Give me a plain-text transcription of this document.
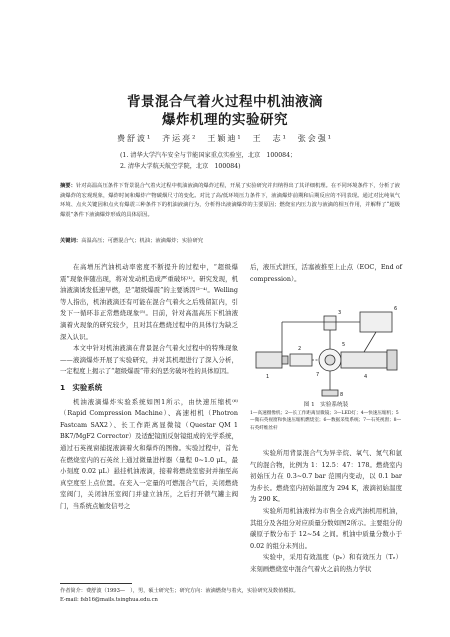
背景混合气着火过程中机油液滴
爆炸机理的实验研究
费舒波¹　齐运亮²　王颖迪¹　王　志¹　张会强¹
(1. 清华大学汽车安全与节能国家重点实验室，北京　100084；
2. 清华大学航天航空学院，北京　100084)
摘要：针对高温高压条件下背景混合气着火过程中机油液滴的爆炸过程，开展了实验研究并归纳得出了其详细机理。在不同环境条件下，分析了液滴爆炸的宏观现象，爆炸时间和爆炸产物碳烟尺寸的变化。对比了高/低环境压力条件下，液滴爆炸前期和后期反应的不同表现。通过对比纯氧气环境、点火关键因和点火有爆震三种条件下的机油液滴行为，分析得出液滴爆炸的主要原因；燃烧室内压力波与液滴的相互作用，并解释了“超级爆震”条件下液滴爆炸形成的具体原因。
关键词：高温高压；可燃混合气；机油；液滴爆炸；实验研究

在高增压汽油机动率密度不断提升的过程中，“超级爆震”现象伴随出现，将对发动机造成严重破坏⁽¹⁾。研究发现，机油液滴诱发低速早燃，是“超级爆震”的主要诱因⁽²⁻⁴⁾。Welling 等人指出，机油液滴还有可能在混合气着火之后残留缸内，引发下一循环非正常燃烧现象⁽⁵⁾。目前，针对高温高压下机油液滴着火现象的研究较少，且对其在燃烧过程中的具体行为缺乏深入认识。

本文中针对机油液滴在背景混合气着火过程中的特殊现象——液滴爆炸开展了实验研究，并对其机理进行了深入分析，一定程度上揭示了“超级爆震”带来的恶劣破坏性的具体原因。

1　实验系统

机油液滴爆炸实验系统如图1所示，由快速压缩机⁽⁶⁾（Rapid Compression Machine）、高速相机（Photron Fastcam SAX2）、长工作距离显微镜（Questar QM 1 BK7/MgF2 Corrector）及适配镜面反射镜组成的光学系统，通过石英视窗捕捉液滴着火和爆炸的图像。实验过程中，首先在燃烧室内的石英丝上通过微量进样器（量程 0~1.0 μL，最小刻度 0.02 μL）悬挂机油液滴，接着将燃烧室密封并抽至高真空度至上点位置。在充入一定量的可燃混合气后，关闭燃烧室阀门，关闭油压室阀门并建立油压，之后打开锁气罐主阀门，当系统点触发信号之

后，液压式泄压，活塞被推至上止点（EOC，End of compression）。
1
2
3
4
5
6
7
8
图 1　实验系统装
1—高速摄像机；2—长工作距离显微镜；3—LED灯；4—快速压缩机；5—微石英视窗和快速压缩机燃烧室；6—数据采集系统；7—石英视窗；8—石英纤维丝杆

实验所用背景混合气为异辛烷、氧气、氮气和氩气的混合物，比例为 1：12.5：47：178。燃烧室内初始压力在 0.3~0.7 bar 范围内变动，以 0.1 bar 为步长。燃烧室内初始温度为 294 K，液滴初始温度为 290 K。

实验所用机油液样为市售全合成汽油机用机油，其组分及各组分对应质量分数如图2所示。主要组分的碳原子数分布于 12~54 之间。机油中质量分数小于 0.02 的组分未列出。

实验中，采用有效温度（pₑ）和有效压力（Tₑ）来刻画燃烧室中混合气着火之前的热力学状

作者简介：费舒波（1993—　），男，硕士研究生；研究方向：液滴燃烧与着火，实验研究及数值模拟。
E-mail: fsb16@mails.tsinghua.edu.cn
